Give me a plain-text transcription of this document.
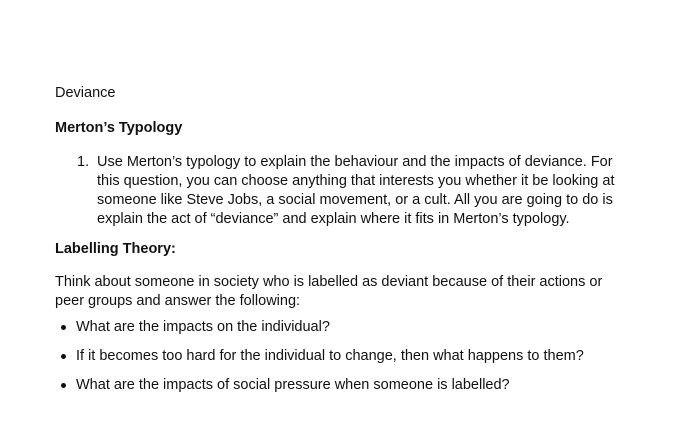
Deviance
Merton’s Typology
1. Use Merton’s typology to explain the behaviour and the impacts of deviance. For
this question, you can choose anything that interests you whether it be looking at
someone like Steve Jobs, a social movement, or a cult. All you are going to do is
explain the act of “deviance” and explain where it fits in Merton’s typology.
Labelling Theory:
Think about someone in society who is labelled as deviant because of their actions or
peer groups and answer the following:
What are the impacts on the individual?
If it becomes too hard for the individual to change, then what happens to them?
What are the impacts of social pressure when someone is labelled?
